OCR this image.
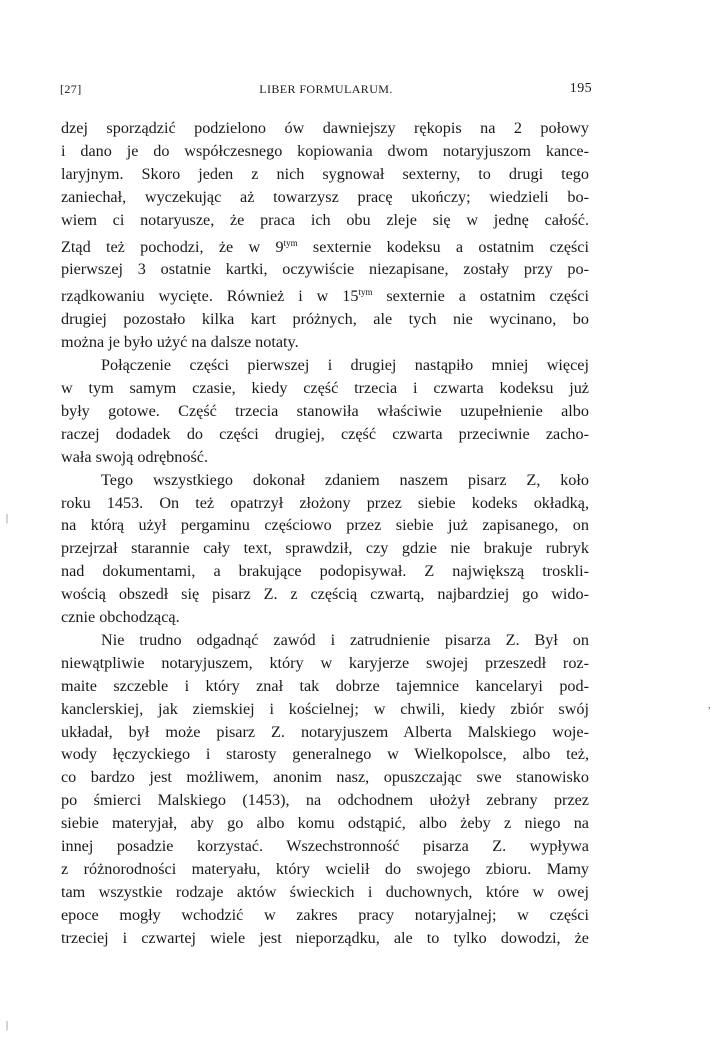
[27]	LIBER FORMULARUM.	195
dzej sporządzić podzielono ów dawniejszy rękopis na 2 połowy
i dano je do współczesnego kopiowania dwom notaryjuszom kance-
laryjnym. Skoro jeden z nich sygnował sexterny, to drugi tego
zaniechał, wyczekując aż towarzysz pracę ukończy; wiedzieli bo-
wiem ci notaryusze, że praca ich obu zleje się w jednę całość.
Ztąd też pochodzi, że w $9^{tym}$ sexternie kodeksu a ostatnim części
pierwszej 3 ostatnie kartki, oczywiście niezapisane, zostały przy po-
rządkowaniu wycięte. Również i w $15^{tym}$ sexternie a ostatnim części
drugiej pozostało kilka kart próżnych, ale tych nie wycinano, bo
można je było użyć na dalsze notaty.
Połączenie części pierwszej i drugiej nastąpiło mniej więcej
w tym samym czasie, kiedy część trzecia i czwarta kodeksu już
były gotowe. Część trzecia stanowiła właściwie uzupełnienie albo
raczej dodadek do części drugiej, część czwarta przeciwnie zacho-
wała swoją odrębność.
Tego wszystkiego dokonał zdaniem naszem pisarz Z, koło
roku 1453. On też opatrzył złożony przez siebie kodeks okładką,
na którą użył pergaminu częściowo przez siebie już zapisanego, on
przejrzał starannie cały text, sprawdził, czy gdzie nie brakuje rubryk
nad dokumentami, a brakujące podopisywał. Z największą troskli-
wością obszedł się pisarz Z. z częścią czwartą, najbardziej go wido-
cznie obchodzącą.
Nie trudno odgadnąć zawód i zatrudnienie pisarza Z. Był on
niewątpliwie notaryjuszem, który w karyjerze swojej przeszedł roz-
maite szczeble i który znał tak dobrze tajemnice kancelaryi pod-
kanclerskiej, jak ziemskiej i kościelnej; w chwili, kiedy zbiór swój
układał, był może pisarz Z. notaryjuszem Alberta Malskiego woje-
wody łęczyckiego i starosty generalnego w Wielkopolsce, albo też,
co bardzo jest możliwem, anonim nasz, opuszczając swe stanowisko
po śmierci Malskiego (1453), na odchodnem ułożył zebrany przez
siebie materyjał, aby go albo komu odstąpić, albo żeby z niego na
innej posadzie korzystać. Wszechstronność pisarza Z. wypływa
z różnorodności materyału, który wcielił do swojego zbioru. Mamy
tam wszystkie rodzaje aktów świeckich i duchownych, które w owej
epoce mogły wchodzić w zakres pracy notaryjalnej; w części
trzeciej i czwartej wiele jest nieporządku, ale to tylko dowodzi, że
|
,
|
